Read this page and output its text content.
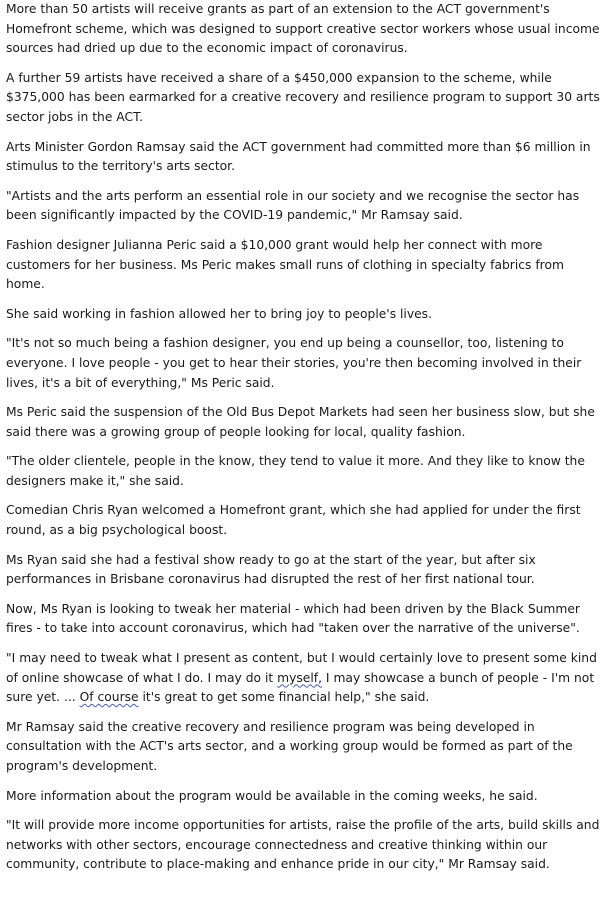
More than 50 artists will receive grants as part of an extension to the ACT government's Homefront scheme, which was designed to support creative sector workers whose usual income sources had dried up due to the economic impact of coronavirus.

A further 59 artists have received a share of a $450,000 expansion to the scheme, while $375,000 has been earmarked for a creative recovery and resilience program to support 30 arts sector jobs in the ACT.

Arts Minister Gordon Ramsay said the ACT government had committed more than $6 million in stimulus to the territory's arts sector.

"Artists and the arts perform an essential role in our society and we recognise the sector has been significantly impacted by the COVID-19 pandemic," Mr Ramsay said.

Fashion designer Julianna Peric said a $10,000 grant would help her connect with more customers for her business. Ms Peric makes small runs of clothing in specialty fabrics from home.

She said working in fashion allowed her to bring joy to people's lives.

"It's not so much being a fashion designer, you end up being a counsellor, too, listening to everyone. I love people - you get to hear their stories, you're then becoming involved in their lives, it's a bit of everything," Ms Peric said.

Ms Peric said the suspension of the Old Bus Depot Markets had seen her business slow, but she said there was a growing group of people looking for local, quality fashion.

"The older clientele, people in the know, they tend to value it more. And they like to know the designers make it," she said.

Comedian Chris Ryan welcomed a Homefront grant, which she had applied for under the first round, as a big psychological boost.

Ms Ryan said she had a festival show ready to go at the start of the year, but after six performances in Brisbane coronavirus had disrupted the rest of her first national tour.

Now, Ms Ryan is looking to tweak her material - which had been driven by the Black Summer fires - to take into account coronavirus, which had "taken over the narrative of the universe".

"I may need to tweak what I present as content, but I would certainly love to present some kind of online showcase of what I do. I may do it myself, I may showcase a bunch of people - I'm not sure yet. ... Of course it's great to get some financial help," she said.

Mr Ramsay said the creative recovery and resilience program was being developed in consultation with the ACT's arts sector, and a working group would be formed as part of the program's development.

More information about the program would be available in the coming weeks, he said.

"It will provide more income opportunities for artists, raise the profile of the arts, build skills and networks with other sectors, encourage connectedness and creative thinking within our community, contribute to place-making and enhance pride in our city," Mr Ramsay said.
